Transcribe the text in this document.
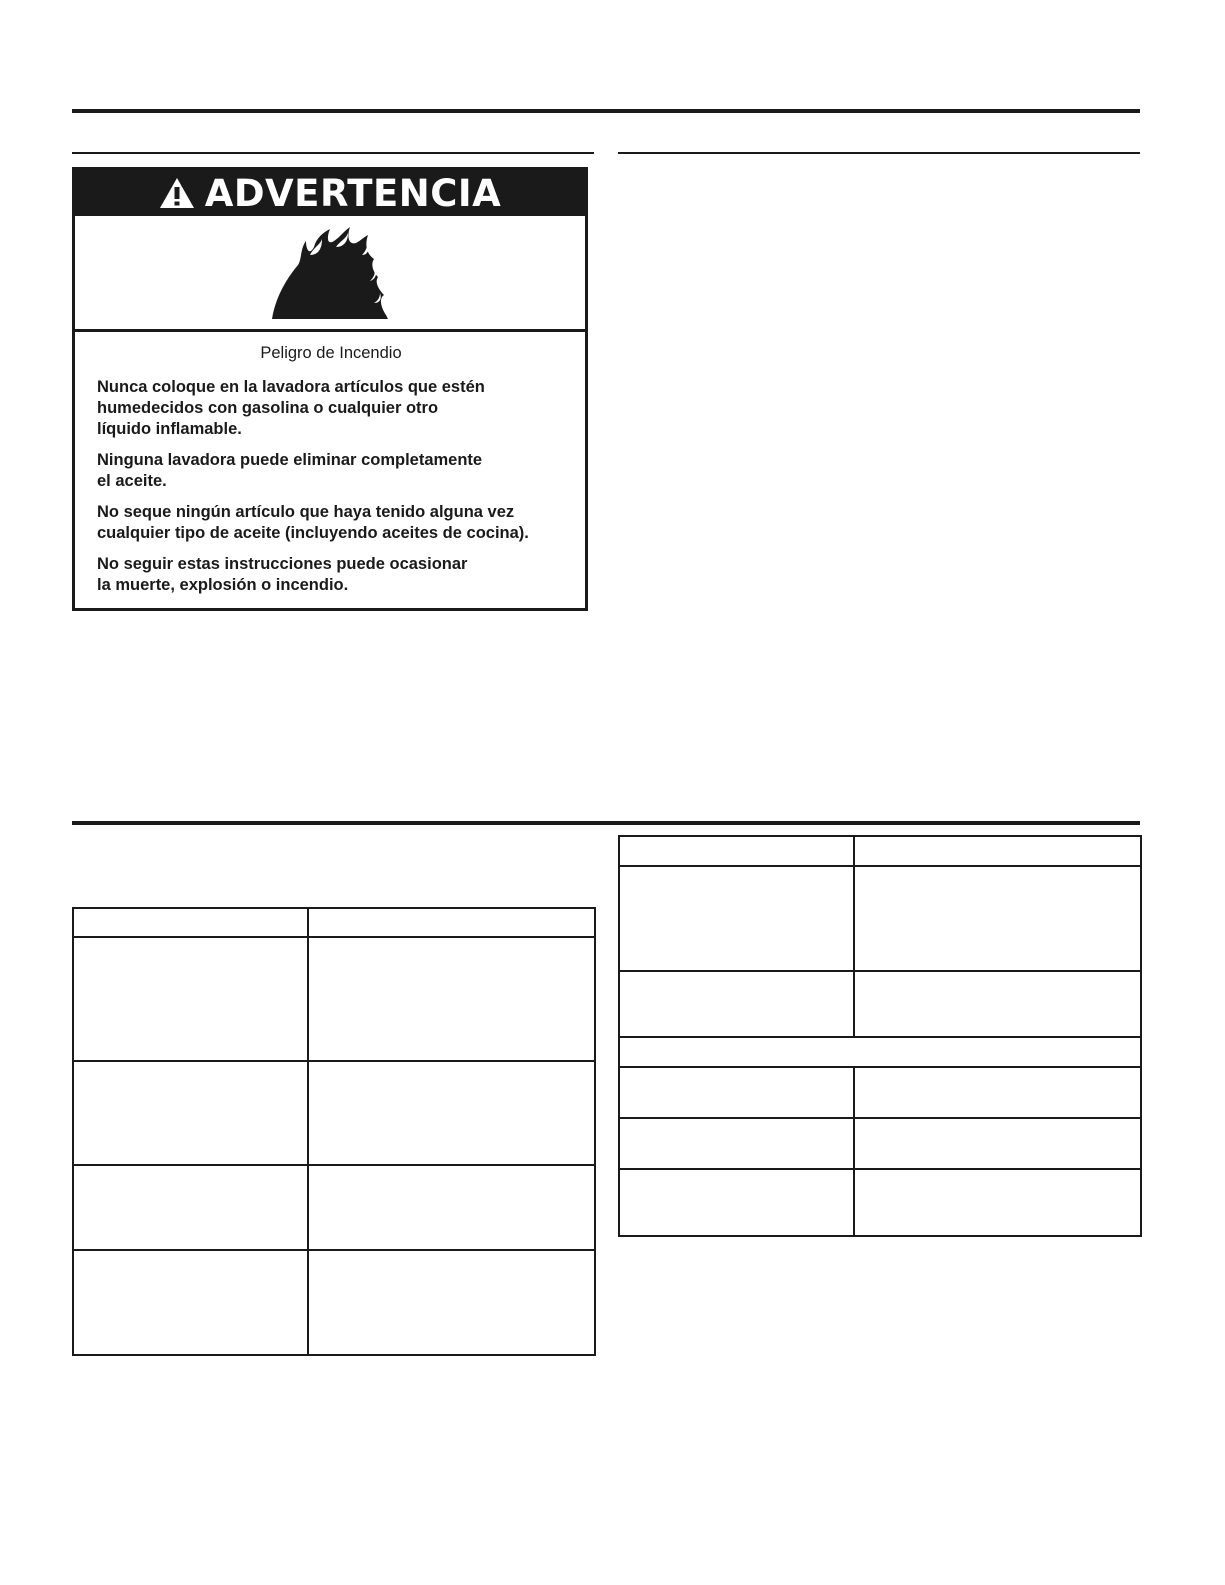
ADVERTENCIA

Peligro de Incendio

Nunca coloque en la lavadora artículos que estén
humedecidos con gasolina o cualquier otro
líquido inflamable.

Ninguna lavadora puede eliminar completamente
el aceite.

No seque ningún artículo que haya tenido alguna vez
cualquier tipo de aceite (incluyendo aceites de cocina).

No seguir estas instrucciones puede ocasionar
la muerte, explosión o incendio.
